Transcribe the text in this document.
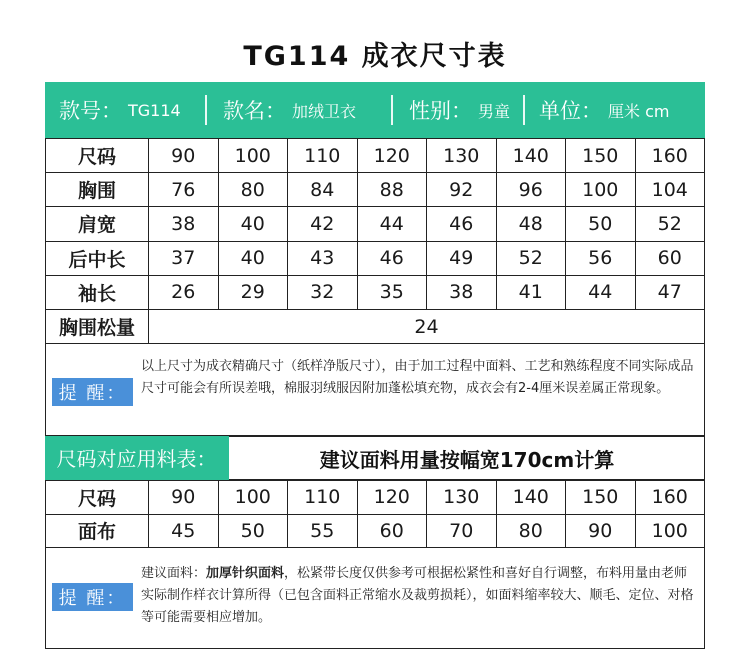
TG114 成衣尺寸表
款号： TG114 款名： 加绒卫衣	性别： 男童 单位： 厘米 cm
尺码	90	100	110	120	130	140	150	160
胸围	76	80	84	88	92	96	100	104
肩宽	38	40	42	44	46	48	50	52
后中长	37	40	43	46	49	52	56	60
袖长	26	29	32	35	38	41	44	47
胸围松量	24							
提 醒：
以上尺寸为成衣精确尺寸（纸样净版尺寸），由于加工过程中面料、工艺和熟练程度不同实际成品尺寸可能会有所误差哦，棉服羽绒服因附加蓬松填充物，成衣会有2-4厘米误差属正常现象。
尺码对应用料表：	建议面料用量按幅宽170cm计算
尺码	90	100	110	120	130	140	150	160
面布	45	50	55	60	70	80	90	100
提 醒：
建议面料：加厚针织面料，松紧带长度仅供参考可根据松紧性和喜好自行调整，布料用量由老师实际制作样衣计算所得（已包含面料正常缩水及裁剪损耗），如面料缩率较大、顺毛、定位、对格等可能需要相应增加。
